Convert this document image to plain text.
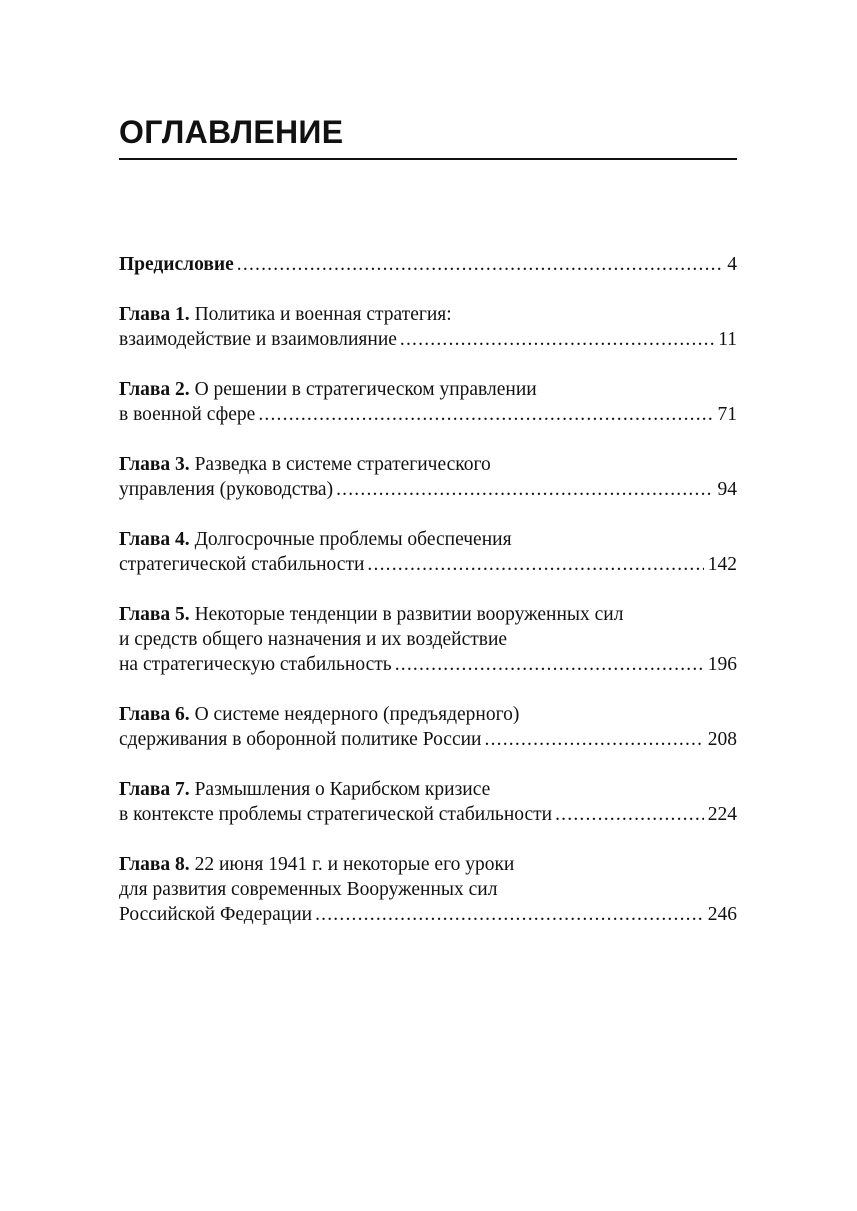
ОГЛАВЛЕНИЕ
Предисловие .....	4
Глава 1. Политика и военная стратегия:
взаимодействие и взаимовлияние .....	11
Глава 2. О решении в стратегическом управлении
в военной сфере .....	71
Глава 3. Разведка в системе стратегического
управления (руководства) .....	94
Глава 4. Долгосрочные проблемы обеспечения
стратегической стабильности .....	142
Глава 5. Некоторые тенденции в развитии вооруженных сил
и средств общего назначения и их воздействие
на стратегическую стабильность .....	196
Глава 6. О системе неядерного (предъядерного)
сдерживания в оборонной политике России .....	208
Глава 7. Размышления о Карибском кризисе
в контексте проблемы стратегической стабильности .....	224
Глава 8. 22 июня 1941 г. и некоторые его уроки
для развития современных Вооруженных сил
Российской Федерации .....	246
